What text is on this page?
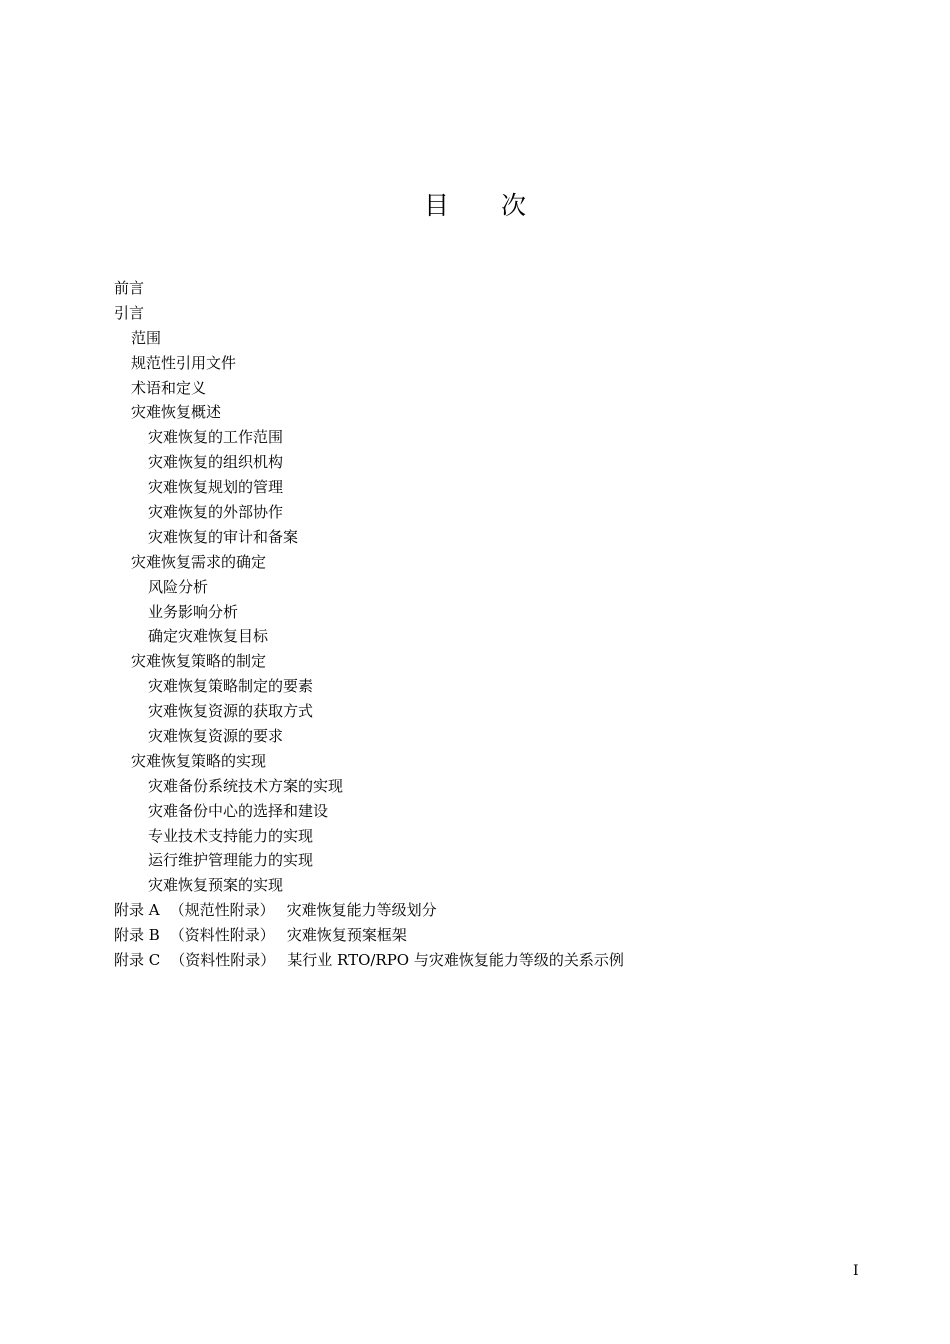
目 次
前言
引言
范围
规范性引用文件
术语和定义
灾难恢复概述
灾难恢复的工作范围
灾难恢复的组织机构
灾难恢复规划的管理
灾难恢复的外部协作
灾难恢复的审计和备案
灾难恢复需求的确定
风险分析
业务影响分析
确定灾难恢复目标
灾难恢复策略的制定
灾难恢复策略制定的要素
灾难恢复资源的获取方式
灾难恢复资源的要求
灾难恢复策略的实现
灾难备份系统技术方案的实现
灾难备份中心的选择和建设
专业技术支持能力的实现
运行维护管理能力的实现
灾难恢复预案的实现
附录 A （规范性附录） 灾难恢复能力等级划分
附录 B （资料性附录） 灾难恢复预案框架
附录 C （资料性附录） 某行业 RTO/RPO 与灾难恢复能力等级的关系示例
I
